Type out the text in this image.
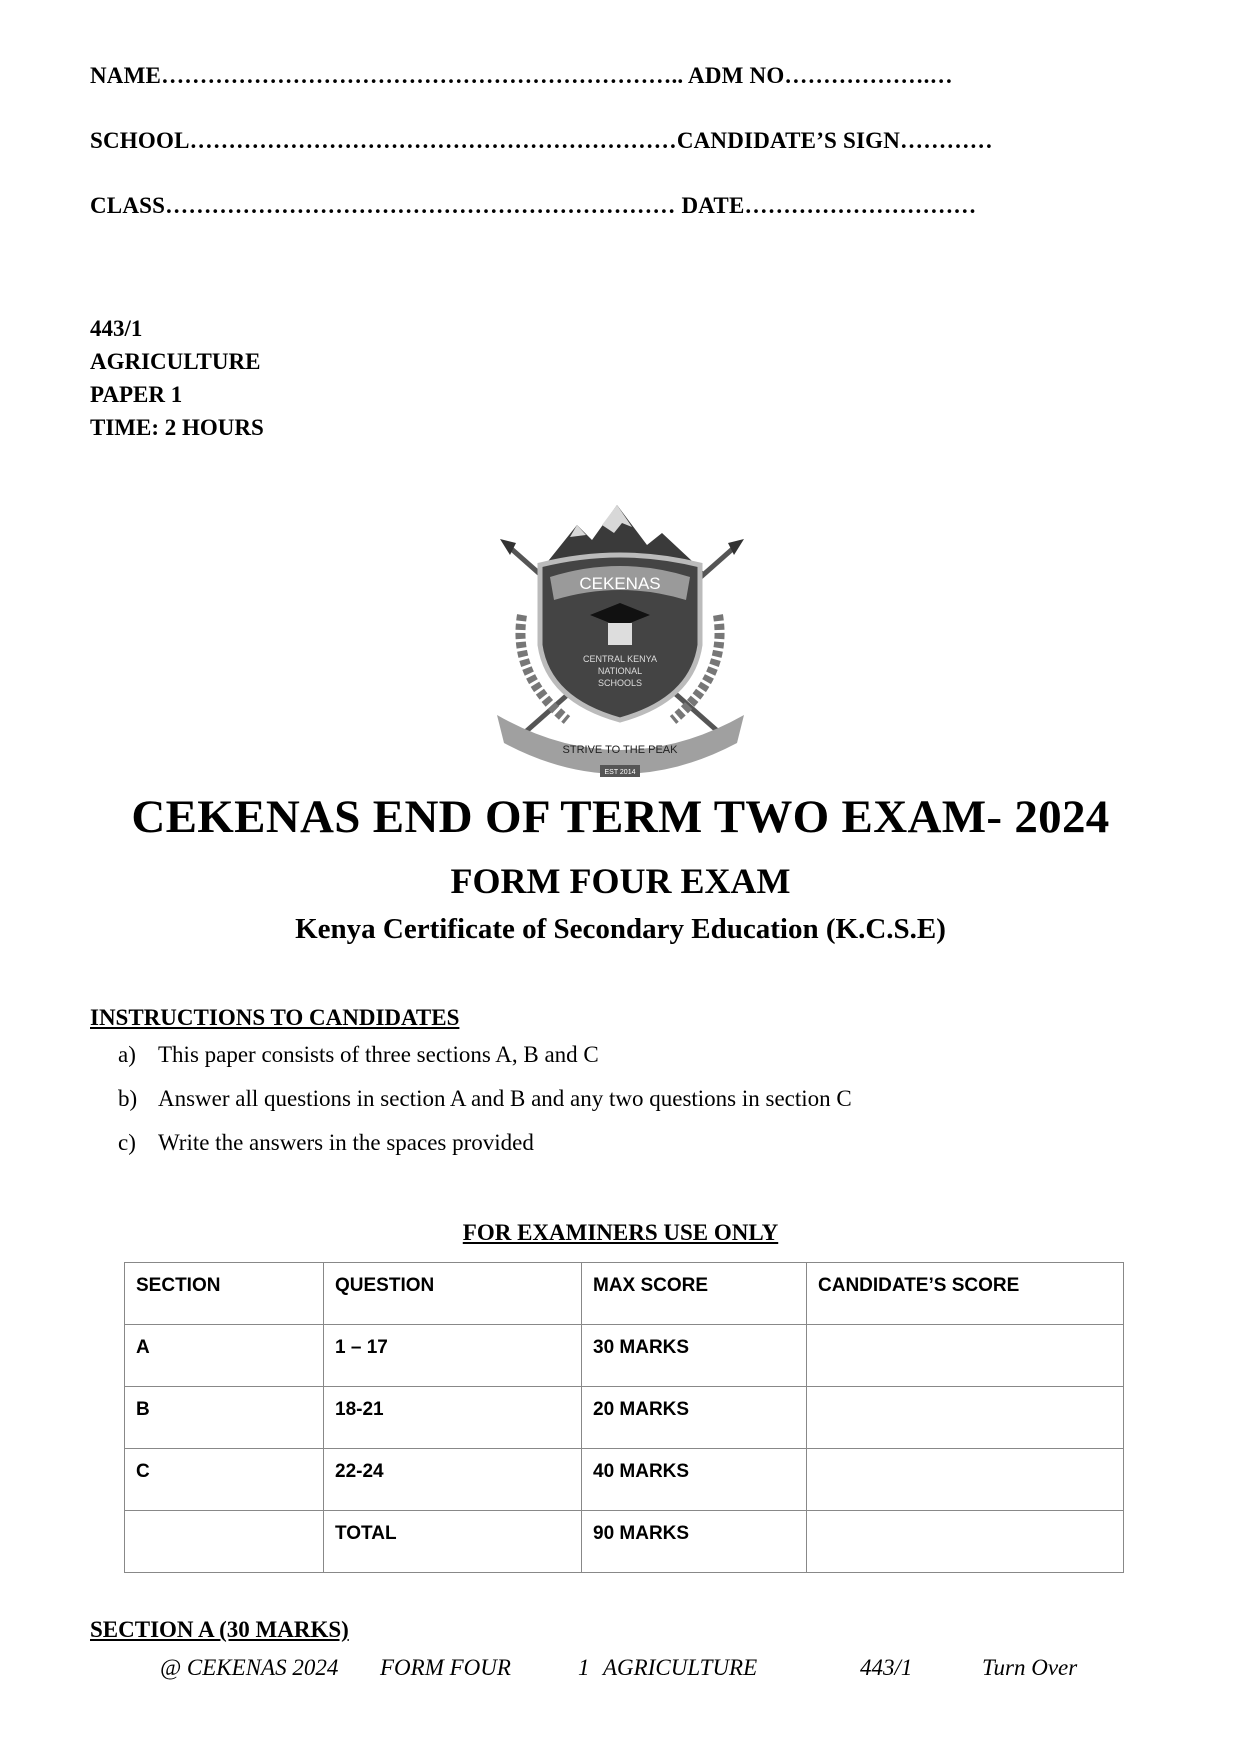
NAME………………………………………………………….. ADM NO……………….…
SCHOOL………………………………………………………CANDIDATE’S SIGN…………
CLASS………………………………………………………… DATE…………………………
443/1
AGRICULTURE
PAPER 1
TIME: 2 HOURS
CEKENAS
CENTRAL KENYA
NATIONAL
SCHOOLS
STRIVE TO THE PEAK
EST 2014
CEKENAS END OF TERM TWO EXAM- 2024
FORM FOUR EXAM
Kenya Certificate of Secondary Education (K.C.S.E)
INSTRUCTIONS TO CANDIDATES
a) This paper consists of three sections A, B and C
b) Answer all questions in section A and B and any two questions in section C
c) Write the answers in the spaces provided
FOR EXAMINERS USE ONLY
SECTION	QUESTION	MAX SCORE	CANDIDATE’S SCORE
A	1 – 17	30 MARKS	
B	18-21	20 MARKS	
C	22-24	40 MARKS	
	TOTAL	90 MARKS	
SECTION A (30 MARKS)
@ CEKENAS 2024 FORM FOUR	1 AGRICULTURE	443/1	Turn Over
